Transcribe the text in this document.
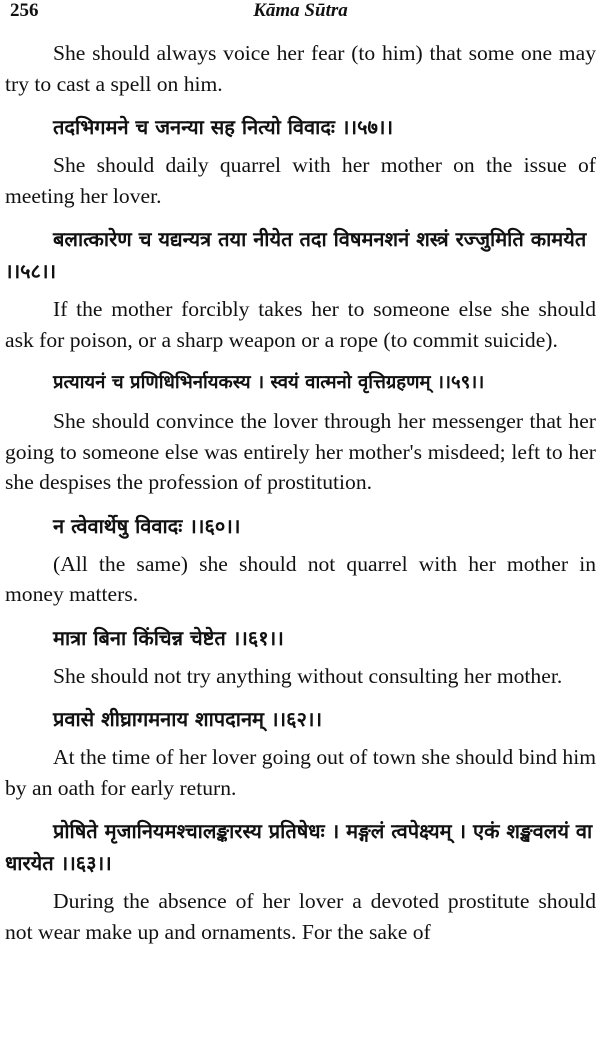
256	Kāma Sūtra

She should always voice her fear (to him) that some one may try to cast a spell on him.

तदभिगमने च जनन्या सह नित्यो विवादः ।।५७।।

She should daily quarrel with her mother on the issue of meeting her lover.

बलात्कारेण च यद्यन्यत्र तया नीयेत तदा विषमनशनं शस्त्रं रज्जुमिति कामयेत ।।५८।।

If the mother forcibly takes her to someone else she should ask for poison, or a sharp weapon or a rope (to commit suicide).

प्रत्यायनं च प्रणिधिभिर्नायकस्य । स्वयं वात्मनो वृत्तिग्रहणम् ।।५९।।

She should convince the lover through her messenger that her going to someone else was entirely her mother's misdeed; left to her she despises the profession of prostitution.

न त्वेवार्थेषु विवादः ।।६०।।

(All the same) she should not quarrel with her mother in money matters.

मात्रा बिना किंचिन्न चेष्टेत ।।६१।।

She should not try anything without consulting her mother.

प्रवासे शीघ्रागमनाय शापदानम् ।।६२।।

At the time of her lover going out of town she should bind him by an oath for early return.

प्रोषिते मृजानियमश्चालङ्कारस्य प्रतिषेधः । मङ्गलं त्वपेक्ष्यम् । एकं शङ्खवलयं वा धारयेत ।।६३।।

During the absence of her lover a devoted prostitute should not wear make up and ornaments. For the sake of
